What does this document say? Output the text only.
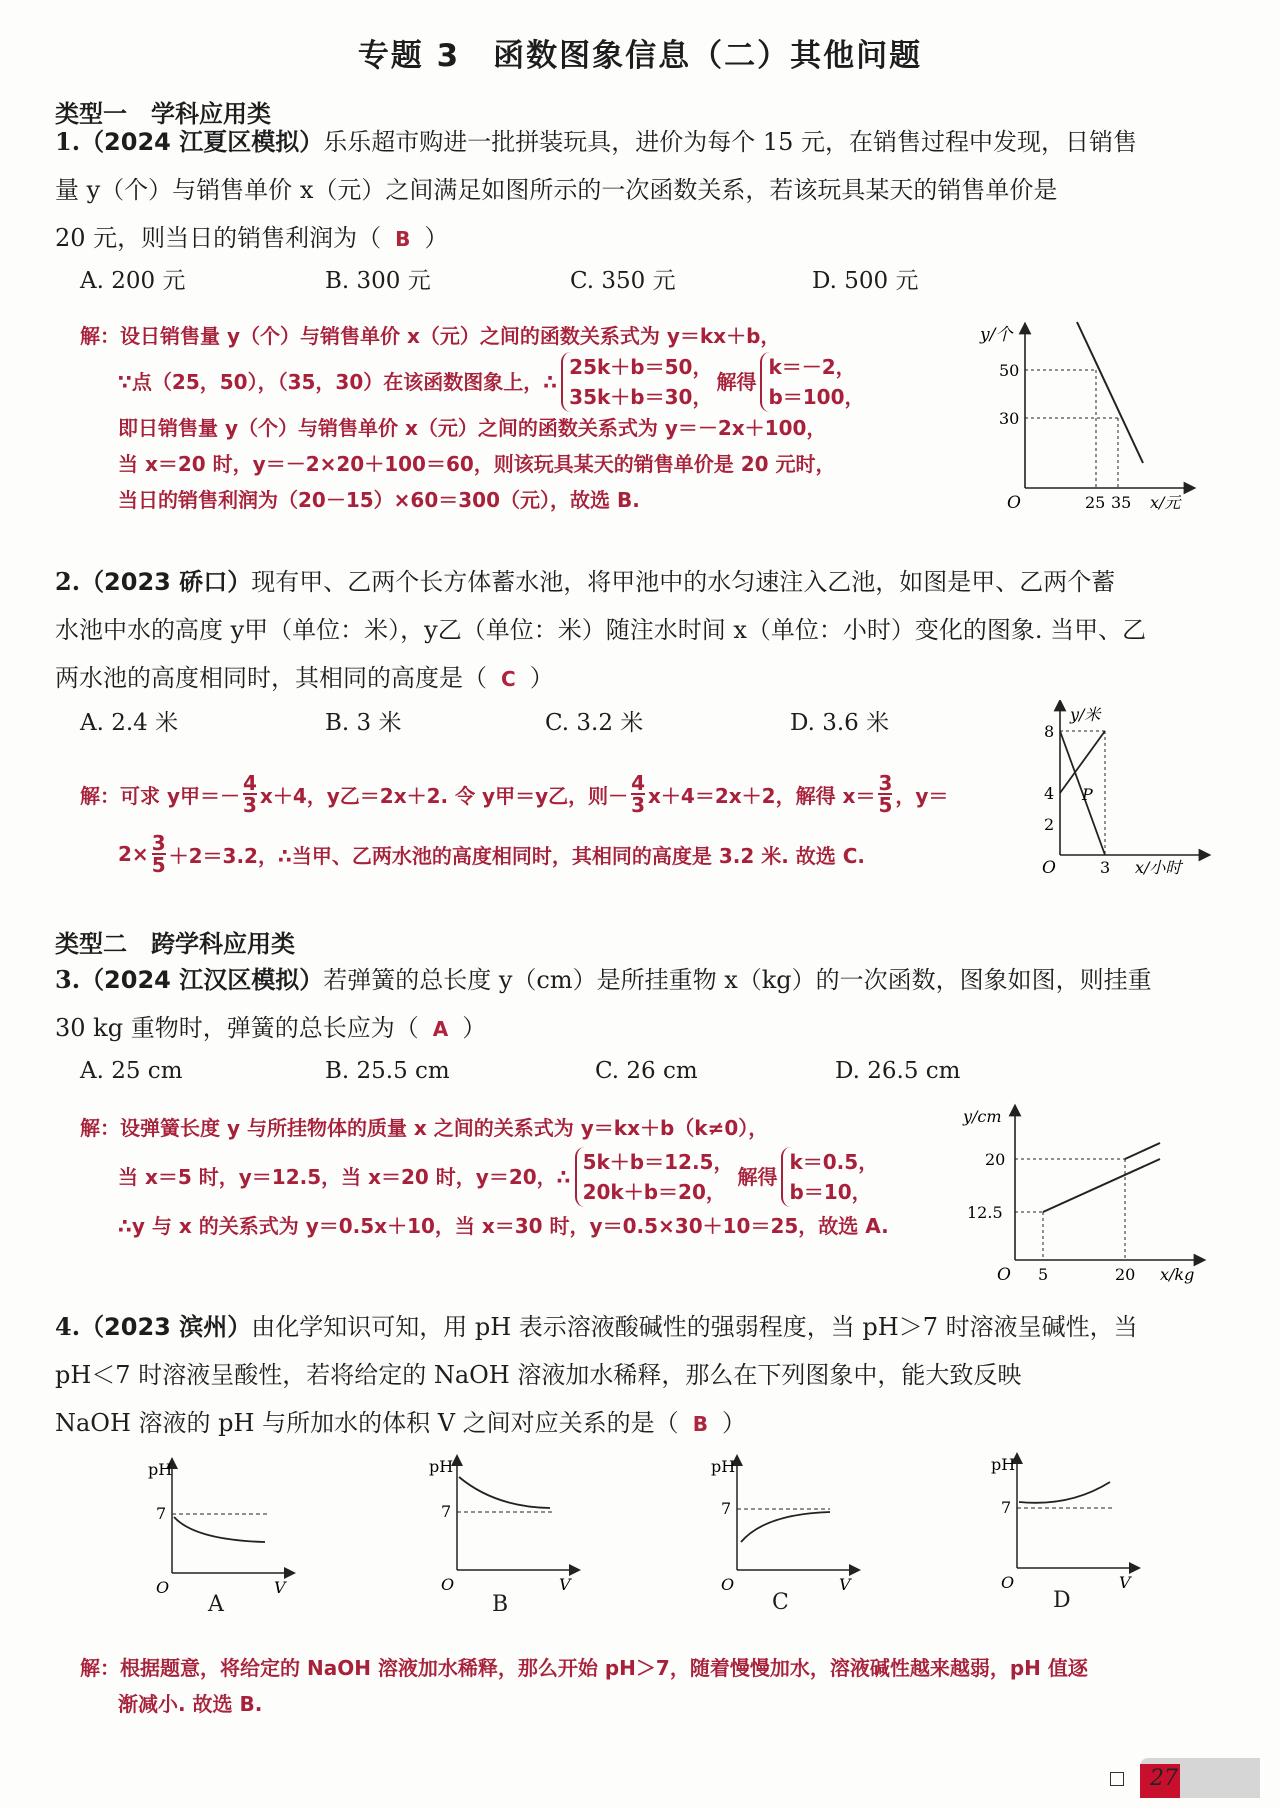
专题 3　函数图象信息（二）其他问题
类型一　学科应用类
1.（2024 江夏区模拟）乐乐超市购进一批拼装玩具，进价为每个 15 元，在销售过程中发现，日销售
量 y（个）与销售单价 x（元）之间满足如图所示的一次函数关系，若该玩具某天的销售单价是
20 元，则当日的销售利润为（ B ）
A. 200 元	B. 300 元	C. 350 元	D. 500 元
解：设日销售量 y（个）与销售单价 x（元）之间的函数关系式为 y＝kx＋b，
∵点（25，50），（35，30）在该函数图象上，∴
25k＋b＝50，
35k＋b＝30，
解得
k＝－2，
b＝100，
即日销售量 y（个）与销售单价 x（元）之间的函数关系式为 y＝－2x＋100，
当 x＝20 时，y＝－2×20＋100＝60，则该玩具某天的销售单价是 20 元时，
当日的销售利润为（20－15）×60＝300（元），故选 B.
y/个
50
30
O	25 35 x/元
2.（2023 硚口）现有甲、乙两个长方体蓄水池，将甲池中的水匀速注入乙池，如图是甲、乙两个蓄
水池中水的高度 y甲（单位：米），y乙（单位：米）随注水时间 x（单位：小时）变化的图象. 当甲、乙
两水池的高度相同时，其相同的高度是（ C ）
A. 2.4 米	B. 3 米	C. 3.2 米	D. 3.6 米
解：可求 y甲＝－
4
3 x＋4，y乙＝2x＋2. 令 y甲＝y乙，则－
4
3 x＋4＝2x＋2，解得 x＝
3
5 ，y＝
$2\times \frac{3}{5} +2=3.2$，∴当甲、乙两水池的高度相同时，其相同的高度是 3.2 米. 故选 C.
y/米
8
4
2
P
O	3 x/小时
类型二　跨学科应用类
3.（2024 江汉区模拟）若弹簧的总长度 y（cm）是所挂重物 x（kg）的一次函数，图象如图，则挂重
30 kg 重物时，弹簧的总长应为（ A ）
A. 25 cm	B. 25.5 cm	C. 26 cm	D. 26.5 cm
解：设弹簧长度 y 与所挂物体的质量 x 之间的关系式为 y＝kx＋b（k≠0），
当 x＝5 时，y＝12.5，当 x＝20 时，y＝20，∴
5k＋b＝12.5，
20k＋b＝20，
解得
k＝0.5，
b＝10，
∴y 与 x 的关系式为 y＝0.5x＋10，当 x＝30 时，y＝0.5×30＋10＝25，故选 A.
y/cm
20
12.5
O 5	20 x/kg
4.（2023 滨州）由化学知识可知，用 pH 表示溶液酸碱性的强弱程度，当 pH＞7 时溶液呈碱性，当
pH＜7 时溶液呈酸性，若将给定的 NaOH 溶液加水稀释，那么在下列图象中，能大致反映
NaOH 溶液的 pH 与所加水的体积 V 之间对应关系的是（ B ）
pH
7
O	V
A
pH
7
O	V
B
pH
7
O	V
C
pH
7
O	V
D
解：根据题意，将给定的 NaOH 溶液加水稀释，那么开始 pH＞7，随着慢慢加水，溶液碱性越来越弱，pH 值逐
渐减小. 故选 B.
27
